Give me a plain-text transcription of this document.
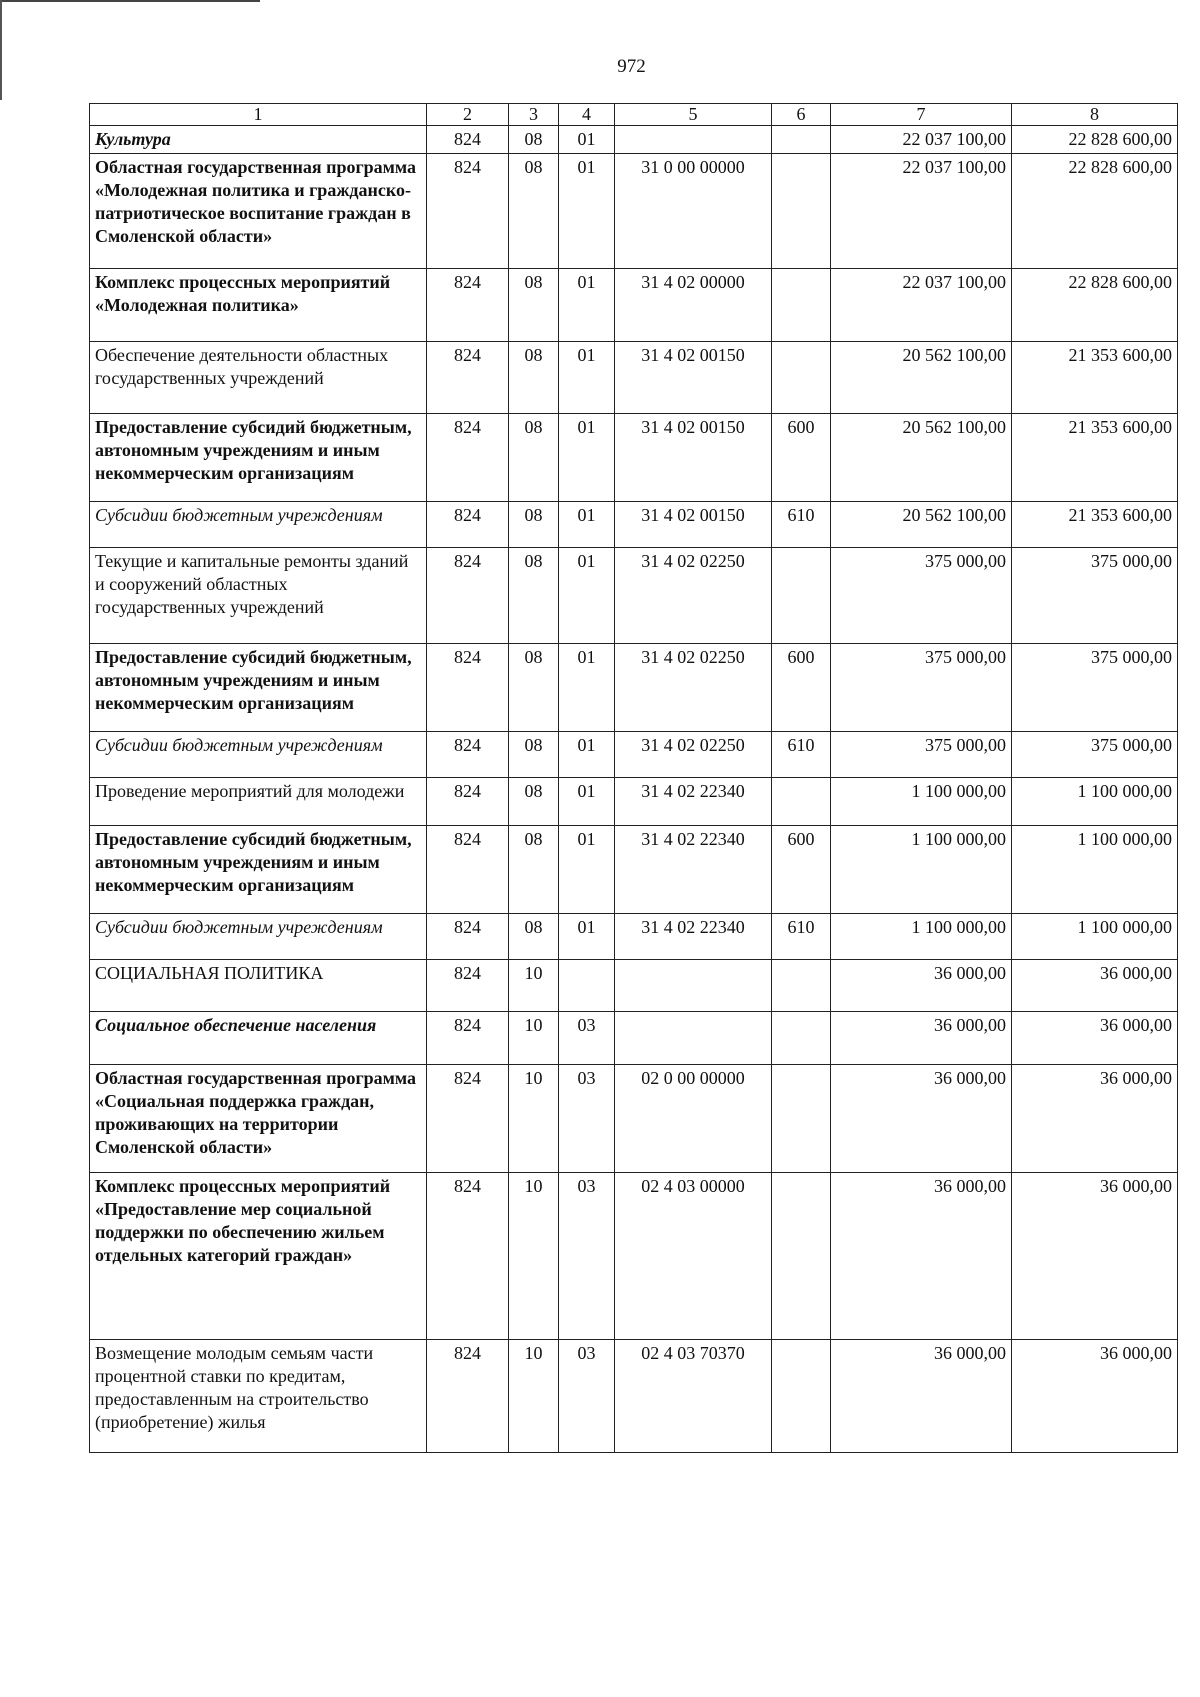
972
1	2	3	4	5	6	7	8
Культура	824	08	01			22 037 100,00	22 828 600,00
Областная государственная программа «Молодежная политика и гражданско-патриотическое воспитание граждан в Смоленской области»	824	08	01	31 0 00 00000		22 037 100,00	22 828 600,00
Комплекс процессных мероприятий «Молодежная политика»	824	08	01	31 4 02 00000		22 037 100,00	22 828 600,00
Обеспечение деятельности областных государственных учреждений	824	08	01	31 4 02 00150		20 562 100,00	21 353 600,00
Предоставление субсидий бюджетным, автономным учреждениям и иным некоммерческим организациям	824	08	01	31 4 02 00150	600	20 562 100,00	21 353 600,00
Субсидии бюджетным учреждениям	824	08	01	31 4 02 00150	610	20 562 100,00	21 353 600,00
Текущие и капитальные ремонты зданий и сооружений областных государственных учреждений	824	08	01	31 4 02 02250		375 000,00	375 000,00
Предоставление субсидий бюджетным, автономным учреждениям и иным некоммерческим организациям	824	08	01	31 4 02 02250	600	375 000,00	375 000,00
Субсидии бюджетным учреждениям	824	08	01	31 4 02 02250	610	375 000,00	375 000,00
Проведение мероприятий для молодежи	824	08	01	31 4 02 22340		1 100 000,00	1 100 000,00
Предоставление субсидий бюджетным, автономным учреждениям и иным некоммерческим организациям	824	08	01	31 4 02 22340	600	1 100 000,00	1 100 000,00
Субсидии бюджетным учреждениям	824	08	01	31 4 02 22340	610	1 100 000,00	1 100 000,00
СОЦИАЛЬНАЯ ПОЛИТИКА	824	10				36 000,00	36 000,00
Социальное обеспечение населения	824	10	03			36 000,00	36 000,00
Областная государственная программа «Социальная поддержка граждан, проживающих на территории Смоленской области»	824	10	03	02 0 00 00000		36 000,00	36 000,00
Комплекс процессных мероприятий «Предоставление мер социальной поддержки по обеспечению жильем отдельных категорий граждан»	824	10	03	02 4 03 00000		36 000,00	36 000,00
Возмещение молодым семьям части процентной ставки по кредитам, предоставленным на строительство (приобретение) жилья	824	10	03	02 4 03 70370		36 000,00	36 000,00
